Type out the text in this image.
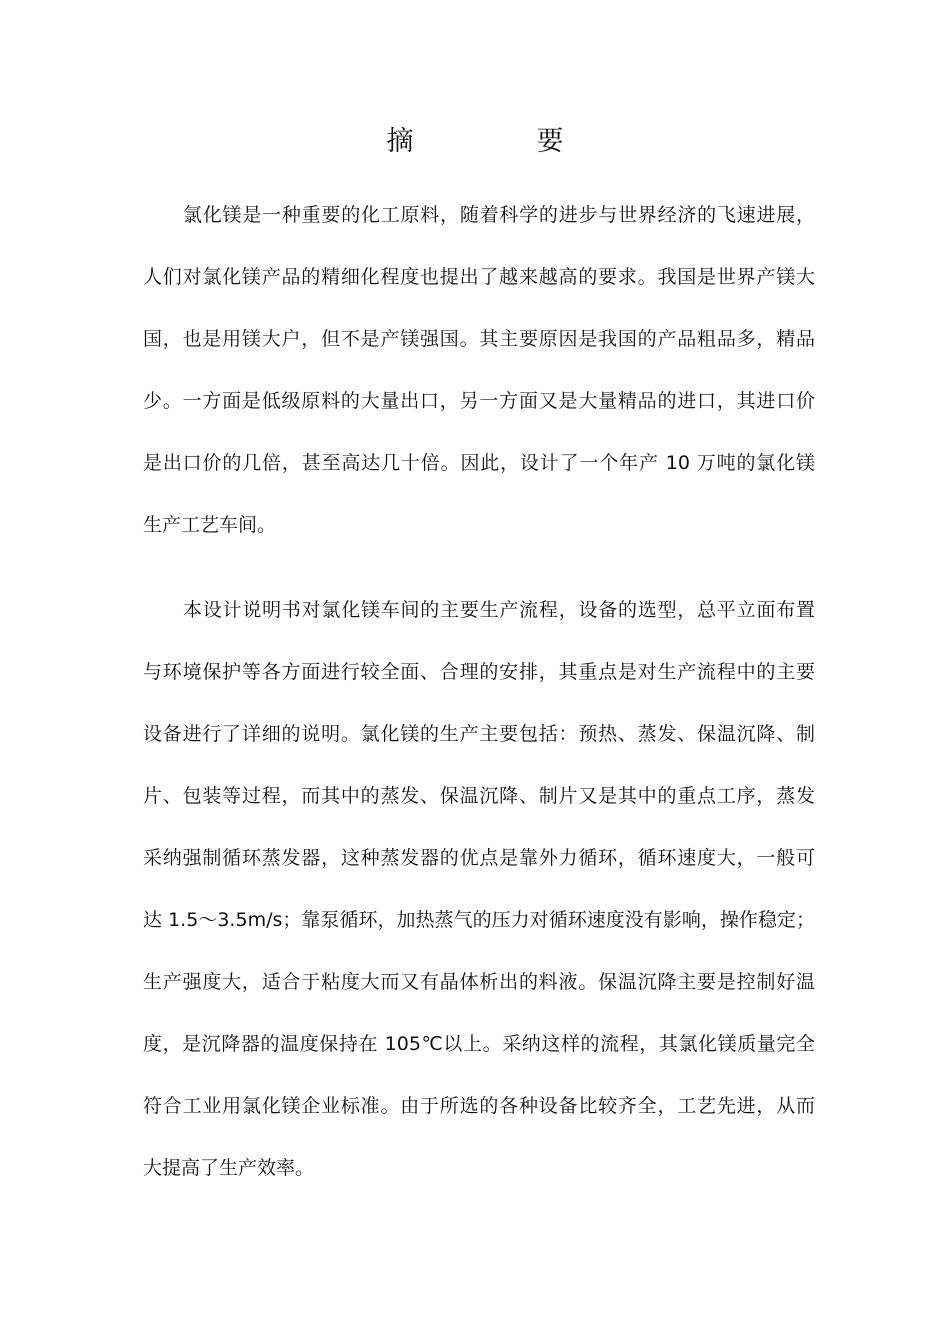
摘　要
氯化镁是一种重要的化工原料，随着科学的进步与世界经济的飞速进展，
人们对氯化镁产品的精细化程度也提出了越来越高的要求。我国是世界产镁大
国，也是用镁大户，但不是产镁强国。其主要原因是我国的产品粗品多，精品
少。一方面是低级原料的大量出口，另一方面又是大量精品的进口，其进口价
是出口价的几倍，甚至高达几十倍。因此，设计了一个年产 10 万吨的氯化镁
生产工艺车间。
本设计说明书对氯化镁车间的主要生产流程，设备的选型，总平立面布置
与环境保护等各方面进行较全面、合理的安排，其重点是对生产流程中的主要
设备进行了详细的说明。氯化镁的生产主要包括：预热、蒸发、保温沉降、制
片、包装等过程，而其中的蒸发、保温沉降、制片又是其中的重点工序，蒸发
采纳强制循环蒸发器，这种蒸发器的优点是靠外力循环，循环速度大，一般可
达 1.5～3.5m/s；靠泵循环，加热蒸气的压力对循环速度没有影响，操作稳定；
生产强度大，适合于粘度大而又有晶体析出的料液。保温沉降主要是控制好温
度，是沉降器的温度保持在 105℃以上。采纳这样的流程，其氯化镁质量完全
符合工业用氯化镁企业标准。由于所选的各种设备比较齐全，工艺先进，从而
大提高了生产效率。
